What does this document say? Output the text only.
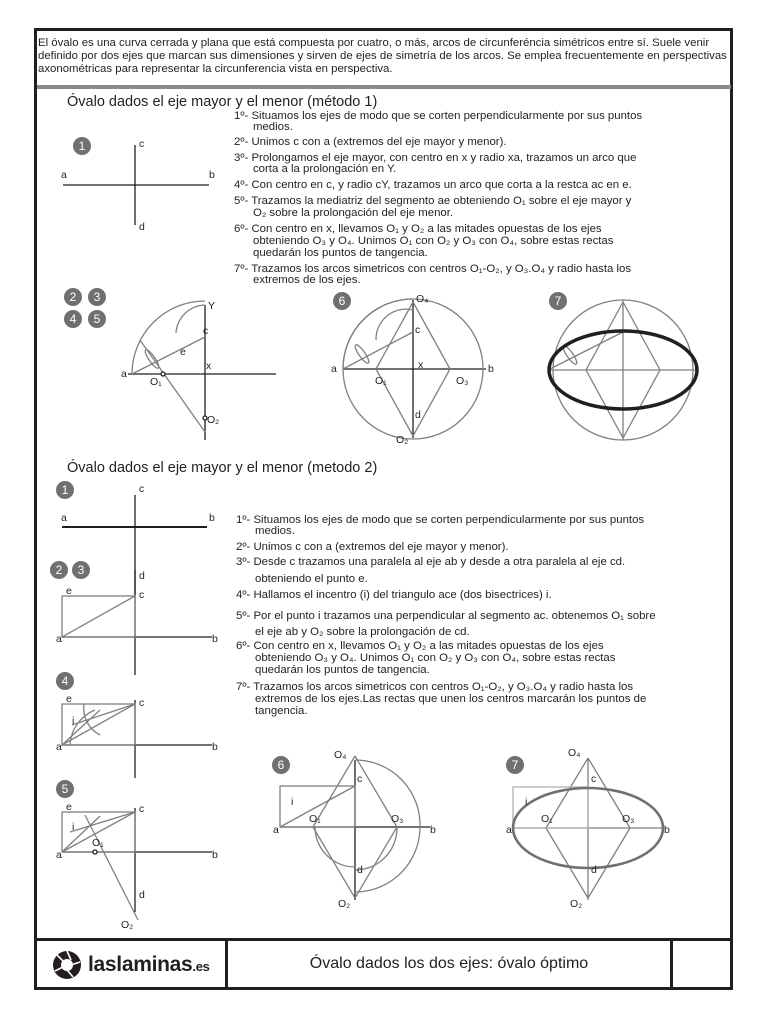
El óvalo es una curva cerrada y plana que está compuesta por cuatro, o más, arcos de circunferéncia simétricos entre sí. Suele venir definido por dos ejes que marcan sus dimensiones y sirven de ejes de simetría de los arcos. Se emplea frecuentemente en perspectivas axonométricas para representar la circunferencia vista en perspectiva.
Óvalo dados el eje mayor y el menor (método 1)
1º- Situamos los ejes de modo que se corten perpendicularmente por sus puntos
medios.
2º- Unimos c con a (extremos del eje mayor y menor).
3º- Prolongamos el eje mayor, con centro en x y radio xa, trazamos un arco que
corta a la prolongación en Y.
4º- Con centro en c, y radio cY, trazamos un arco que corta a la restca ac en e.
5º- Trazamos la mediatriz del segmento ae obteniendo O₁ sobre el eje mayor y
O₂ sobre la prolongación del eje menor.
6º- Con centro en x, llevamos O₁ y O₂ a las mitades opuestas de los ejes
obteniendo O₃ y O₄. Unimos O₁ con O₂ y O₃ con O₄, sobre estas rectas
quedarán los puntos de tangencia.
7º- Trazamos los arcos simetricos con centros O₁-O₂, y O₃.O₄ y radio hasta los
extremos de los ejes.
1
2	3
4	5
6	7
Óvalo dados el eje mayor y el menor (metodo 2)
1º- Situamos los ejes de modo que se corten perpendicularmente por sus puntos
medios.
2º- Unimos c con a (extremos del eje mayor y menor).
3º- Desde c trazamos una paralela al eje ab y desde a otra paralela al eje cd.
obteniendo el punto e.
4º- Hallamos el incentro (i) del triangulo ace (dos bisectrices) i.
5º- Por el punto i trazamos una perpendicular al segmento ac. obtenemos O₁ sobre
el eje ab y O₂ sobre la prolongación de cd.
6º- Con centro en x, llevamos O₁ y O₂ a las mitades opuestas de los ejes
obteniendo O₃ y O₄. Unimos O₁ con O₂ y O₃ con O₄, sobre estas rectas
quedarán los puntos de tangencia.
7º- Trazamos los arcos simetricos con centros O₁-O₂, y O₃.O₄ y radio hasta los
extremos de los ejes.Las rectas que unen los centros marcarán los puntos de
tangencia.
1
2	3
4
5
6	7
a	b
c
d
a
Y
c
e
x
O₁
O₂
O₄
a	b
c
x
O₁	O₃
d
O₂
a	b
c
d
e	c
a	b
e	c
i
a	b
e	c
i
O₁
a	b
d
O₂
O₄
c
i
a
O₁	O₃
b
d
O₂
O₄
c
i
a
O₁	O₃
b
d
O₂
laslaminas.es	Óvalo dados los dos ejes: óvalo óptimo
